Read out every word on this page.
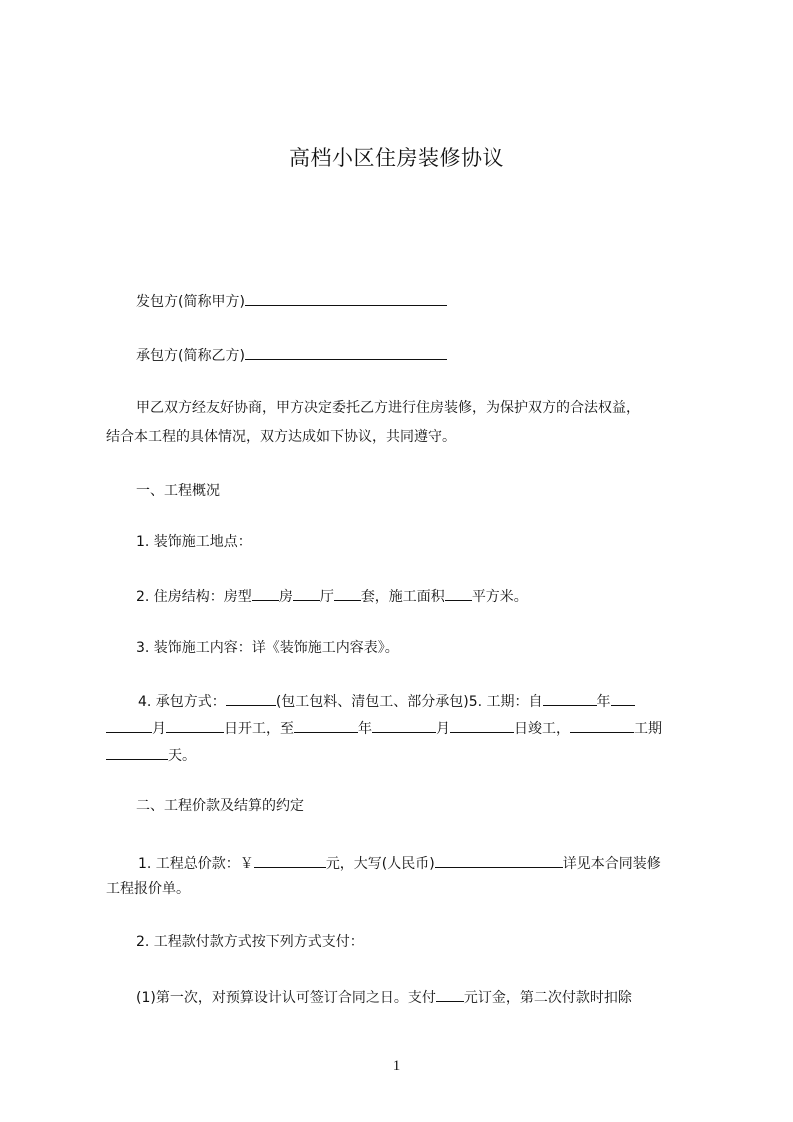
高档小区住房装修协议
发包方(简称甲方)
承包方(简称乙方)
甲乙双方经友好协商，甲方决定委托乙方进行住房装修，为保护双方的合法权益，
结合本工程的具体情况，双方达成如下协议，共同遵守。
一、工程概况
1. 装饰施工地点：
2. 住房结构：房型 房 厅 套，施工面积 平方米。
3. 装饰施工内容：详《装饰施工内容表》。
4. 承包方式：	(包工包料、清包工、部分承包)5. 工期：自	年
月	日开工，至	年	月	日竣工，	工期
天。
二、工程价款及结算的约定
1. 工程总价款：￥	元，大写(人民币)	详见本合同装修
工程报价单。
2. 工程款付款方式按下列方式支付：
(1)第一次，对预算设计认可签订合同之日。支付 元订金，第二次付款时扣除
1
